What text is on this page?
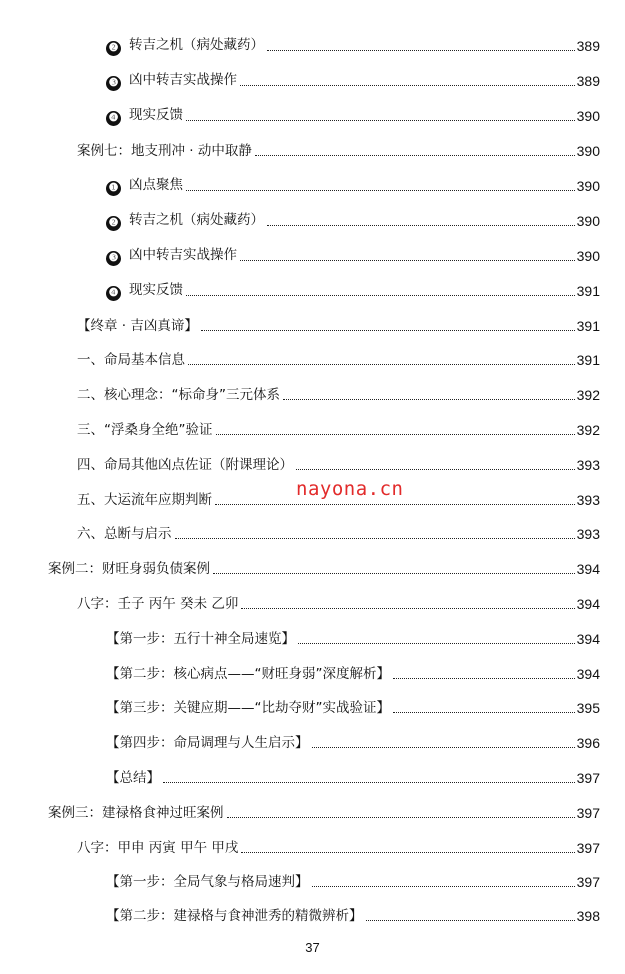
❷ 转吉之机（病处藏药）	389
❸ 凶中转吉实战操作	389
❹ 现实反馈	390
案例七：地支刑冲 · 动中取静	390
❶ 凶点聚焦	390
❷ 转吉之机（病处藏药）	390
❸ 凶中转吉实战操作	390
❹ 现实反馈	391
【终章 · 吉凶真谛】	391
一、命局基本信息	391
二、核心理念：“标命身”三元体系	392
三、“浮桑身全绝”验证	392
四、命局其他凶点佐证（附课理论）	393
五、大运流年应期判断	393
六、总断与启示	393
案例二：财旺身弱负债案例	394
八字：壬子 丙午 癸未 乙卯	394
【第一步：五行十神全局速览】	394
【第二步：核心病点——“财旺身弱”深度解析】	394
【第三步：关键应期——“比劫夺财”实战验证】	395
【第四步：命局调理与人生启示】	396
【总结】	397
案例三：建禄格食神过旺案例	397
八字：甲申 丙寅 甲午 甲戌	397
【第一步：全局气象与格局速判】	397
【第二步：建禄格与食神泄秀的精微辨析】	398
nayona.cn
37
